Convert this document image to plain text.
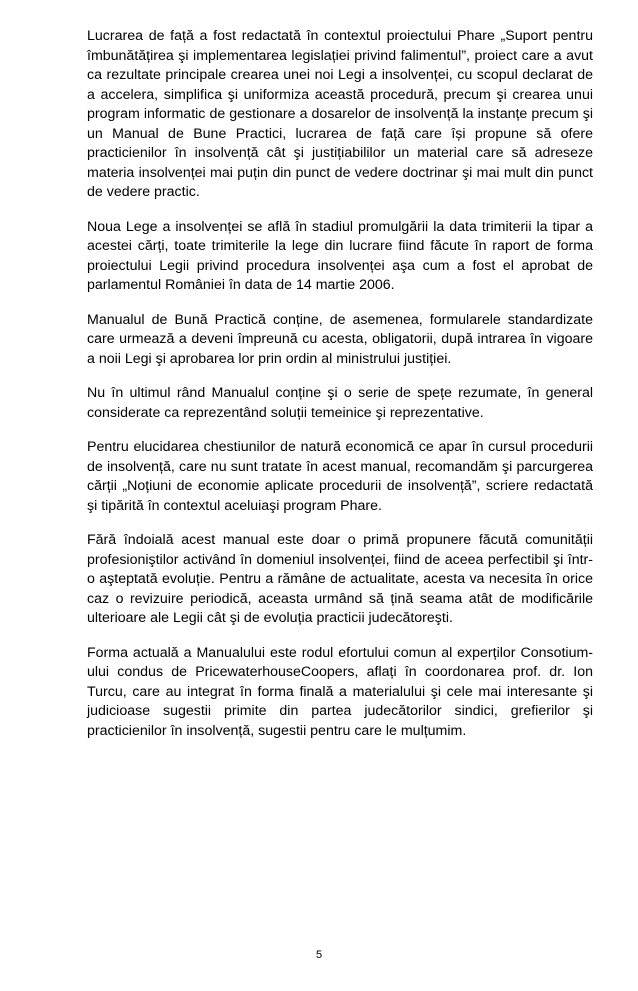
Lucrarea de față a fost redactată în contextul proiectului Phare „Suport pentru îmbunătățirea şi implementarea legislației privind falimentul”, proiect care a avut ca rezultate principale crearea unei noi Legi a insolvenței, cu scopul declarat de a accelera, simplifica şi uniformiza această procedură, precum şi crearea unui program informatic de gestionare a dosarelor de insolvență la instanțe precum şi un Manual de Bune Practici, lucrarea de față care își propune să ofere practicienilor în insolvență cât şi justițiabililor un material care să adreseze materia insolvenței mai puțin din punct de vedere doctrinar şi mai mult din punct de vedere practic.

Noua Lege a insolvenței se află în stadiul promulgării la data trimiterii la tipar a acestei cărți, toate trimiterile la lege din lucrare fiind făcute în raport de forma proiectului Legii privind procedura insolvenței aşa cum a fost el aprobat de parlamentul României în data de 14 martie 2006.

Manualul de Bună Practică conține, de asemenea, formularele standardizate care urmează a deveni împreună cu acesta, obligatorii, după intrarea în vigoare a noii Legi şi aprobarea lor prin ordin al ministrului justiției.

Nu în ultimul rând Manualul conține şi o serie de spețe rezumate, în general considerate ca reprezentând soluții temeinice şi reprezentative.

Pentru elucidarea chestiunilor de natură economică ce apar în cursul procedurii de insolvență, care nu sunt tratate în acest manual, recomandăm şi parcurgerea cărții „Noțiuni de economie aplicate procedurii de insolvență”, scriere redactată şi tipărită în contextul aceluiaşi program Phare.

Fără îndoială acest manual este doar o primă propunere făcută comunității profesioniştilor activând în domeniul insolvenței, fiind de aceea perfectibil şi într-o aşteptată evoluție. Pentru a rămâne de actualitate, acesta va necesita în orice caz o revizuire periodică, aceasta urmând să țină seama atât de modificările ulterioare ale Legii cât şi de evoluția practicii judecătoreşti.

Forma actuală a Manualului este rodul efortului comun al experților Consotium-ului condus de PricewaterhouseCoopers, aflați în coordonarea prof. dr. Ion Turcu, care au integrat în forma finală a materialului şi cele mai interesante şi judicioase sugestii primite din partea judecătorilor sindici, grefierilor şi practicienilor în insolvență, sugestii pentru care le mulțumim.

5
